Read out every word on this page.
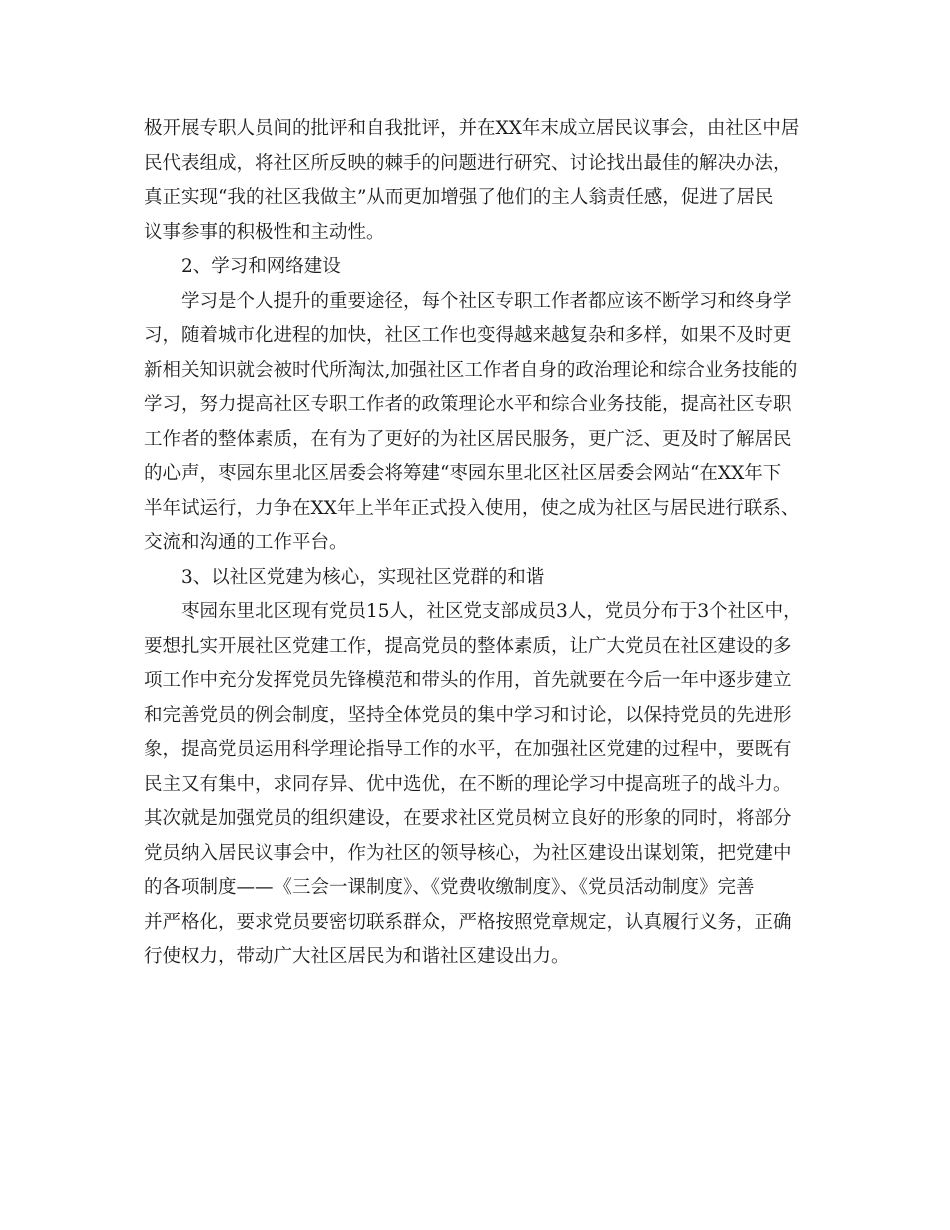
极开展专职人员间的批评和自我批评，并在XX年末成立居民议事会，由社区中居
民代表组成，将社区所反映的棘手的问题进行研究、讨论找出最佳的解决办法，
真正实现“我的社区我做主”从而更加增强了他们的主人翁责任感，促进了居民
议事参事的积极性和主动性。
2、学习和网络建设
学习是个人提升的重要途径，每个社区专职工作者都应该不断学习和终身学
习，随着城市化进程的加快，社区工作也变得越来越复杂和多样，如果不及时更
新相关知识就会被时代所淘汰,加强社区工作者自身的政治理论和综合业务技能的
学习，努力提高社区专职工作者的政策理论水平和综合业务技能，提高社区专职
工作者的整体素质，在有为了更好的为社区居民服务，更广泛、更及时了解居民
的心声，枣园东里北区居委会将筹建“枣园东里北区社区居委会网站“在XX年下
半年试运行，力争在XX年上半年正式投入使用，使之成为社区与居民进行联系、
交流和沟通的工作平台。
3、以社区党建为核心，实现社区党群的和谐
枣园东里北区现有党员15人，社区党支部成员3人，党员分布于3个社区中，
要想扎实开展社区党建工作，提高党员的整体素质，让广大党员在社区建设的多
项工作中充分发挥党员先锋模范和带头的作用，首先就要在今后一年中逐步建立
和完善党员的例会制度，坚持全体党员的集中学习和讨论，以保持党员的先进形
象，提高党员运用科学理论指导工作的水平，在加强社区党建的过程中，要既有
民主又有集中，求同存异、优中选优，在不断的理论学习中提高班子的战斗力。
其次就是加强党员的组织建设，在要求社区党员树立良好的形象的同时，将部分
党员纳入居民议事会中，作为社区的领导核心，为社区建设出谋划策，把党建中
的各项制度——《三会一课制度》、《党费收缴制度》、《党员活动制度》完善
并严格化，要求党员要密切联系群众，严格按照党章规定，认真履行义务，正确
行使权力，带动广大社区居民为和谐社区建设出力。
